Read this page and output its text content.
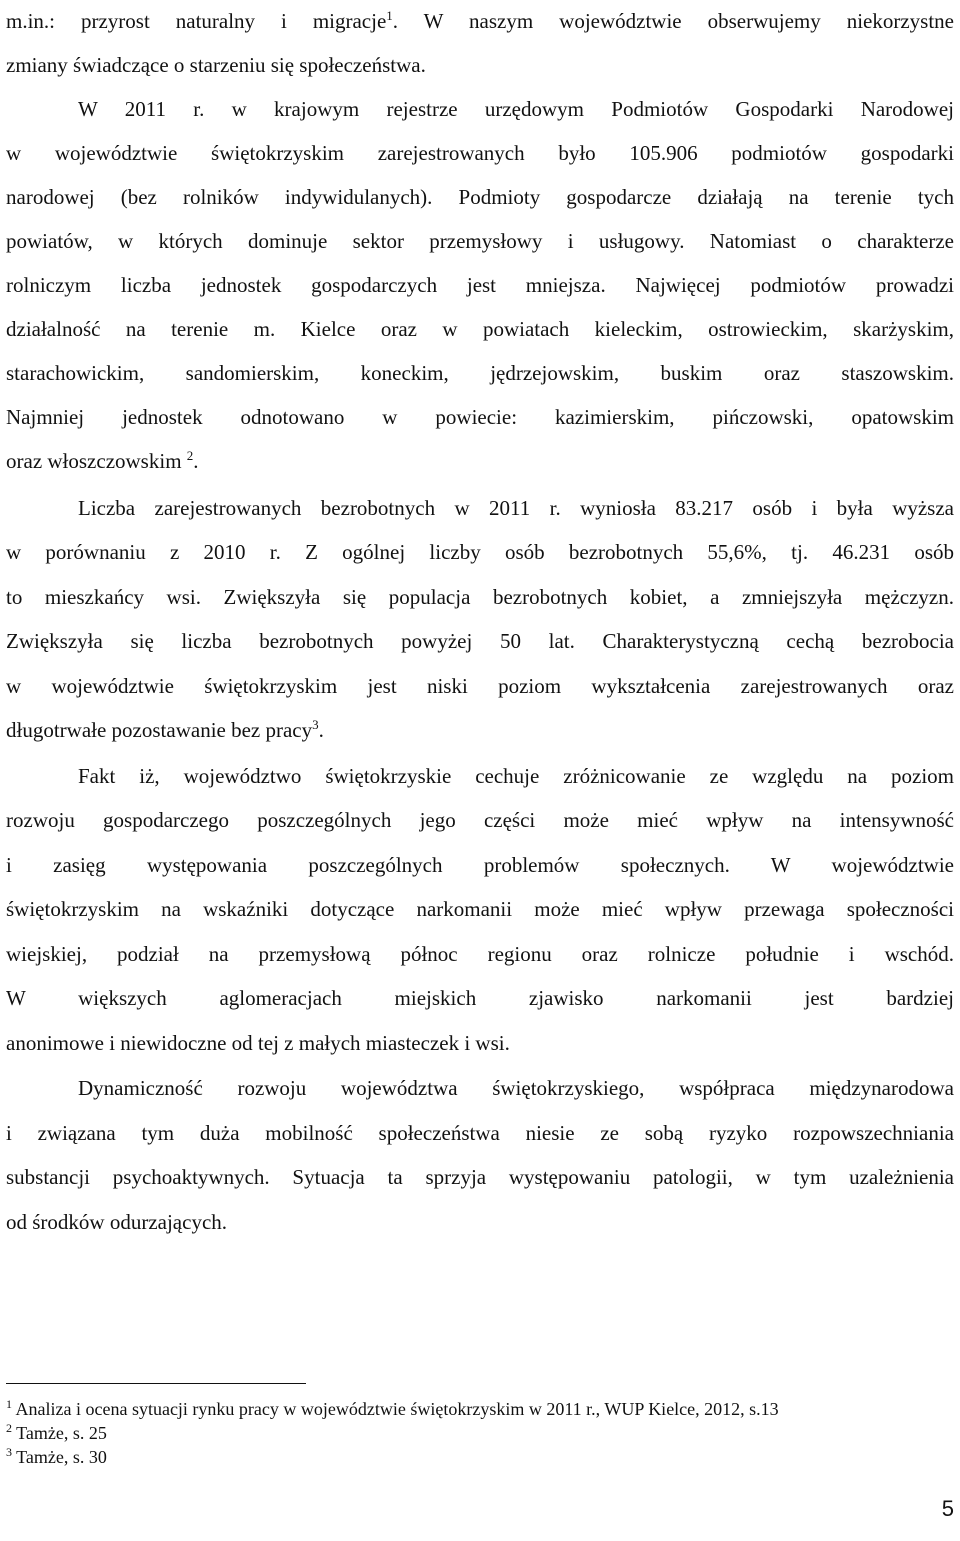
m.in.: przyrost naturalny i migracje$^1$. W naszym województwie obserwujemy niekorzystne
zmiany świadczące o starzeniu się społeczeństwa.
W 2011 r. w krajowym rejestrze urzędowym Podmiotów Gospodarki Narodowej
w województwie świętokrzyskim zarejestrowanych było 105.906 podmiotów gospodarki
narodowej (bez rolników indywidulanych). Podmioty gospodarcze działają na terenie tych
powiatów, w których dominuje sektor przemysłowy i usługowy. Natomiast o charakterze
rolniczym liczba jednostek gospodarczych jest mniejsza. Najwięcej podmiotów prowadzi
działalność na terenie m. Kielce oraz w powiatach kieleckim, ostrowieckim, skarżyskim,
starachowickim, sandomierskim, koneckim, jędrzejowskim, buskim oraz staszowskim.
Najmniej jednostek odnotowano w powiecie: kazimierskim, pińczowski, opatowskim
oraz włoszczowskim $^2$.
Liczba zarejestrowanych bezrobotnych w 2011 r. wyniosła 83.217 osób i była wyższa
w porównaniu z 2010 r. Z ogólnej liczby osób bezrobotnych 55,6%, tj. 46.231 osób
to mieszkańcy wsi. Zwiększyła się populacja bezrobotnych kobiet, a zmniejszyła mężczyzn.
Zwiększyła się liczba bezrobotnych powyżej 50 lat. Charakterystyczną cechą bezrobocia
w województwie świętokrzyskim jest niski poziom wykształcenia zarejestrowanych oraz
długotrwałe pozostawanie bez pracy$^3$.
Fakt iż, województwo świętokrzyskie cechuje zróżnicowanie ze względu na poziom
rozwoju gospodarczego poszczególnych jego części może mieć wpływ na intensywność
i zasięg występowania poszczególnych problemów społecznych. W województwie
świętokrzyskim na wskaźniki dotyczące narkomanii może mieć wpływ przewaga społeczności
wiejskiej, podział na przemysłową północ regionu oraz rolnicze południe i wschód.
W większych aglomeracjach miejskich zjawisko narkomanii jest bardziej
anonimowe i niewidoczne od tej z małych miasteczek i wsi.
Dynamiczność rozwoju województwa świętokrzyskiego, współpraca międzynarodowa
i związana tym duża mobilność społeczeństwa niesie ze sobą ryzyko rozpowszechniania
substancji psychoaktywnych. Sytuacja ta sprzyja występowaniu patologii, w tym uzależnienia
od środków odurzających.
$^1$ Analiza i ocena sytuacji rynku pracy w województwie świętokrzyskim w 2011 r., WUP Kielce, 2012, s.13
$^2$ Tamże, s. 25
$^3$ Tamże, s. 30
5
